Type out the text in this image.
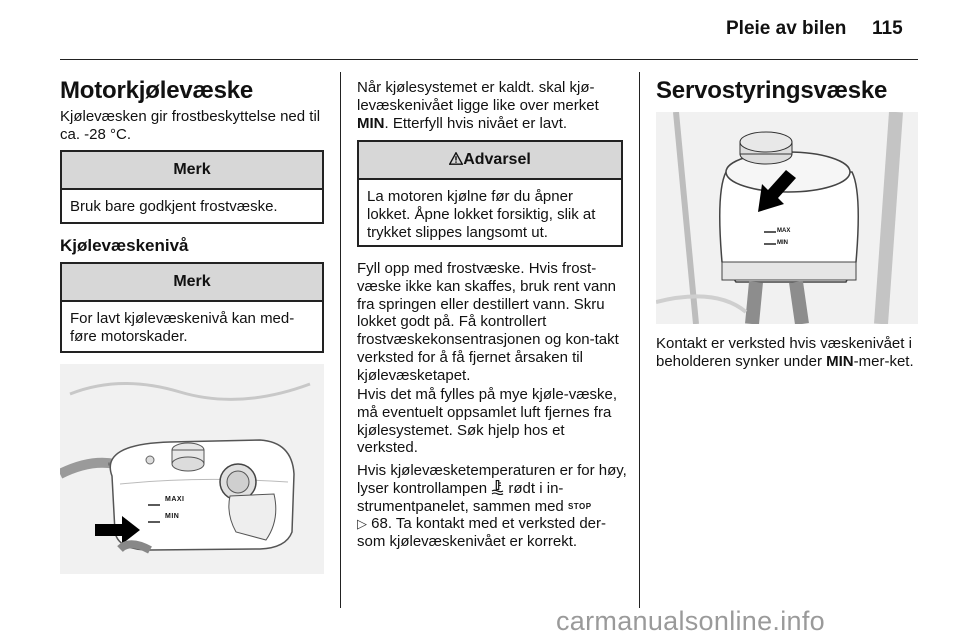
Pleie av bilen 115
Motorkjølevæske
Kjølevæsken gir frostbeskyttelse ned til ca. -28 °C.
Merk
Bruk bare godkjent frostvæske.
Kjølevæskenivå
Merk
For lavt kjølevæskenivå kan med-føre motorskader.
MAXI
MIN
Når kjølesystemet er kaldt. skal kjø-levæskenivået ligge like over merket MIN. Etterfyll hvis nivået er lavt.
Advarsel
La motoren kjølne før du åpner lokket. Åpne lokket forsiktig, slik at trykket slippes langsomt ut.
Fyll opp med frostvæske. Hvis frost-væske ikke kan skaffes, bruk rent vann fra springen eller destillert vann. Skru lokket godt på. Få kontrollert frostvæskekonsentrasjonen og kon-takt verksted for å få fjernet årsaken til kjølevæsketapet.
Hvis det må fylles på mye kjøle-væske, må eventuelt oppsamlet luft fjernes fra kjølesystemet. Søk hjelp hos et verksted.
Hvis kjølevæsketemperaturen er for høy, lyser kontrollampen  rødt i in-strumentpanelet, sammen med STOP
▷ 68. Ta kontakt med et verksted der-som kjølevæskenivået er korrekt.
Servostyringsvæske
MAX
MIN
Kontakt er verksted hvis væskenivået i beholderen synker under MIN-mer-ket.
carmanualsonline.info
